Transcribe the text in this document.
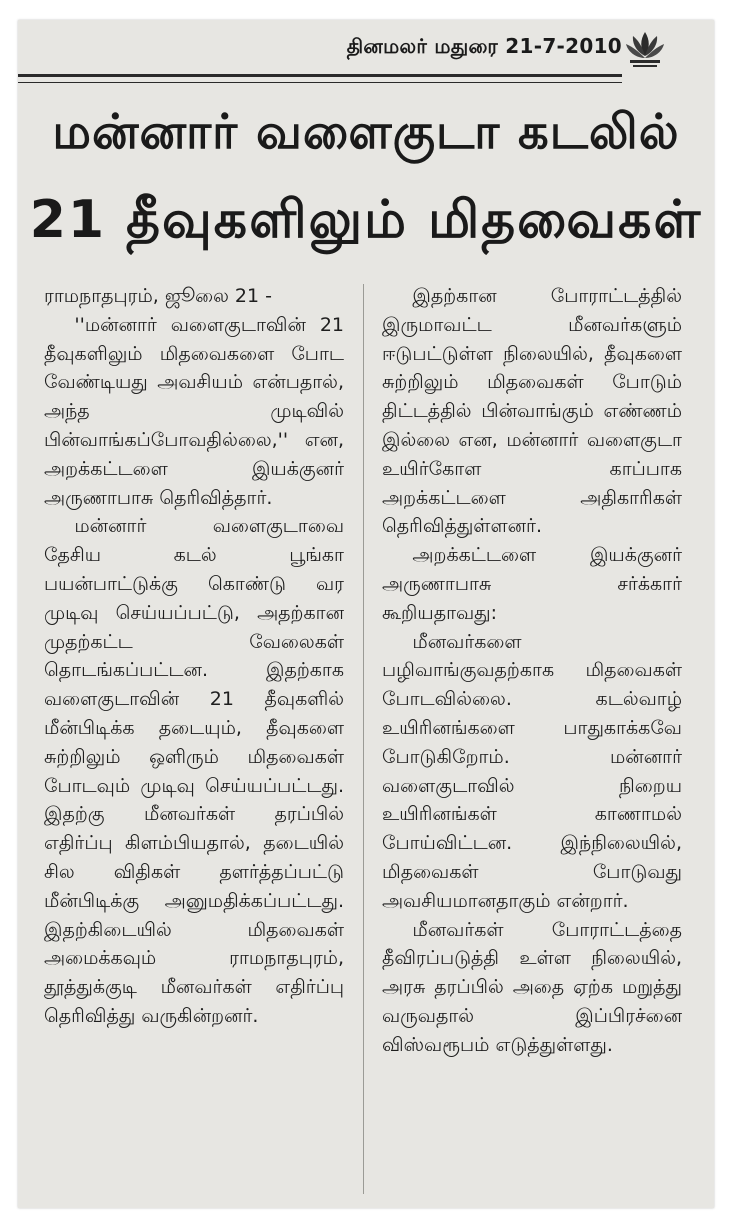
தினமலர் மதுரை 21-7-2010
மன்னார் வளைகுடா கடலில்
21 தீவுகளிலும் மிதவைகள்

ராமநாதபுரம், ஜூலை 21 -

''மன்னார் வளைகுடாவின் 21 தீவுகளிலும் மிதவைகளை போட வேண்டியது அவசியம் என்பதால், அந்த முடிவில் பின்வாங்கப்போவதில்லை,'' என, அறக்கட்டளை இயக்குனர் அருணாபாசு தெரிவித்தார்.

மன்னார் வளைகுடாவை தேசிய கடல் பூங்கா பயன்பாட்டுக்கு கொண்டு வர முடிவு செய்யப்பட்டு, அதற்கான முதற்கட்ட வேலைகள் தொடங்கப்பட்டன. இதற்காக வளைகுடாவின் 21 தீவுகளில் மீன்பிடிக்க தடையும், தீவுகளை சுற்றிலும் ஒளிரும் மிதவைகள் போடவும் முடிவு செய்யப்பட்டது. இதற்கு மீனவர்கள் தரப்பில் எதிர்ப்பு கிளம்பியதால், தடையில் சில விதிகள் தளர்த்தப்பட்டு மீன்பிடிக்கு அனுமதிக்கப்பட்டது. இதற்கிடையில் மிதவைகள் அமைக்கவும் ராமநாதபுரம், தூத்துக்குடி மீனவர்கள் எதிர்ப்பு தெரிவித்து வருகின்றனர்.

இதற்கான போராட்டத்தில் இருமாவட்ட மீனவர்களும் ஈடுபட்டுள்ள நிலையில், தீவுகளை சுற்றிலும் மிதவைகள் போடும் திட்டத்தில் பின்வாங்கும் எண்ணம் இல்லை என, மன்னார் வளைகுடா உயிர்கோள காப்பாக அறக்கட்டளை அதிகாரிகள் தெரிவித்துள்ளனர்.

அறக்கட்டளை இயக்குனர் அருணாபாசு சர்க்கார் கூறியதாவது:

மீனவர்களை பழிவாங்குவதற்காக மிதவைகள் போடவில்லை. கடல்வாழ் உயிரினங்களை பாதுகாக்கவே போடுகிறோம். மன்னார் வளைகுடாவில் நிறைய உயிரினங்கள் காணாமல் போய்விட்டன. இந்நிலையில், மிதவைகள் போடுவது அவசியமானதாகும் என்றார்.

மீனவர்கள் போராட்டத்தை தீவிரப்படுத்தி உள்ள நிலையில், அரசு தரப்பில் அதை ஏற்க மறுத்து வருவதால் இப்பிரச்னை விஸ்வரூபம் எடுத்துள்ளது.
